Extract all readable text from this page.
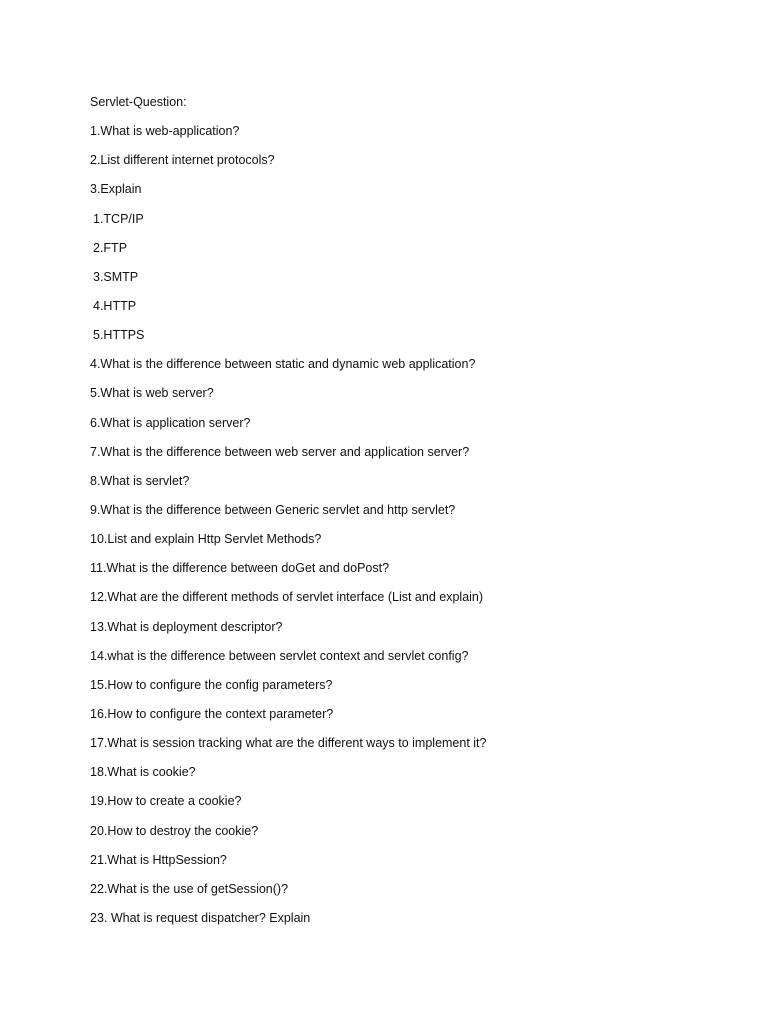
Servlet-Question:
1.What is web-application?
2.List different internet protocols?
3.Explain
1.TCP/IP
2.FTP
3.SMTP
4.HTTP
5.HTTPS
4.What is the difference between static and dynamic web application?
5.What is web server?
6.What is application server?
7.What is the difference between web server and application server?
8.What is servlet?
9.What is the difference between Generic servlet and http servlet?
10.List and explain Http Servlet Methods?
11.What is the difference between doGet and doPost?
12.What are the different methods of servlet interface (List and explain)
13.What is deployment descriptor?
14.what is the difference between servlet context and servlet config?
15.How to configure the config parameters?
16.How to configure the context parameter?
17.What is session tracking what are the different ways to implement it?
18.What is cookie?
19.How to create a cookie?
20.How to destroy the cookie?
21.What is HttpSession?
22.What is the use of getSession()?
23. What is request dispatcher? Explain
